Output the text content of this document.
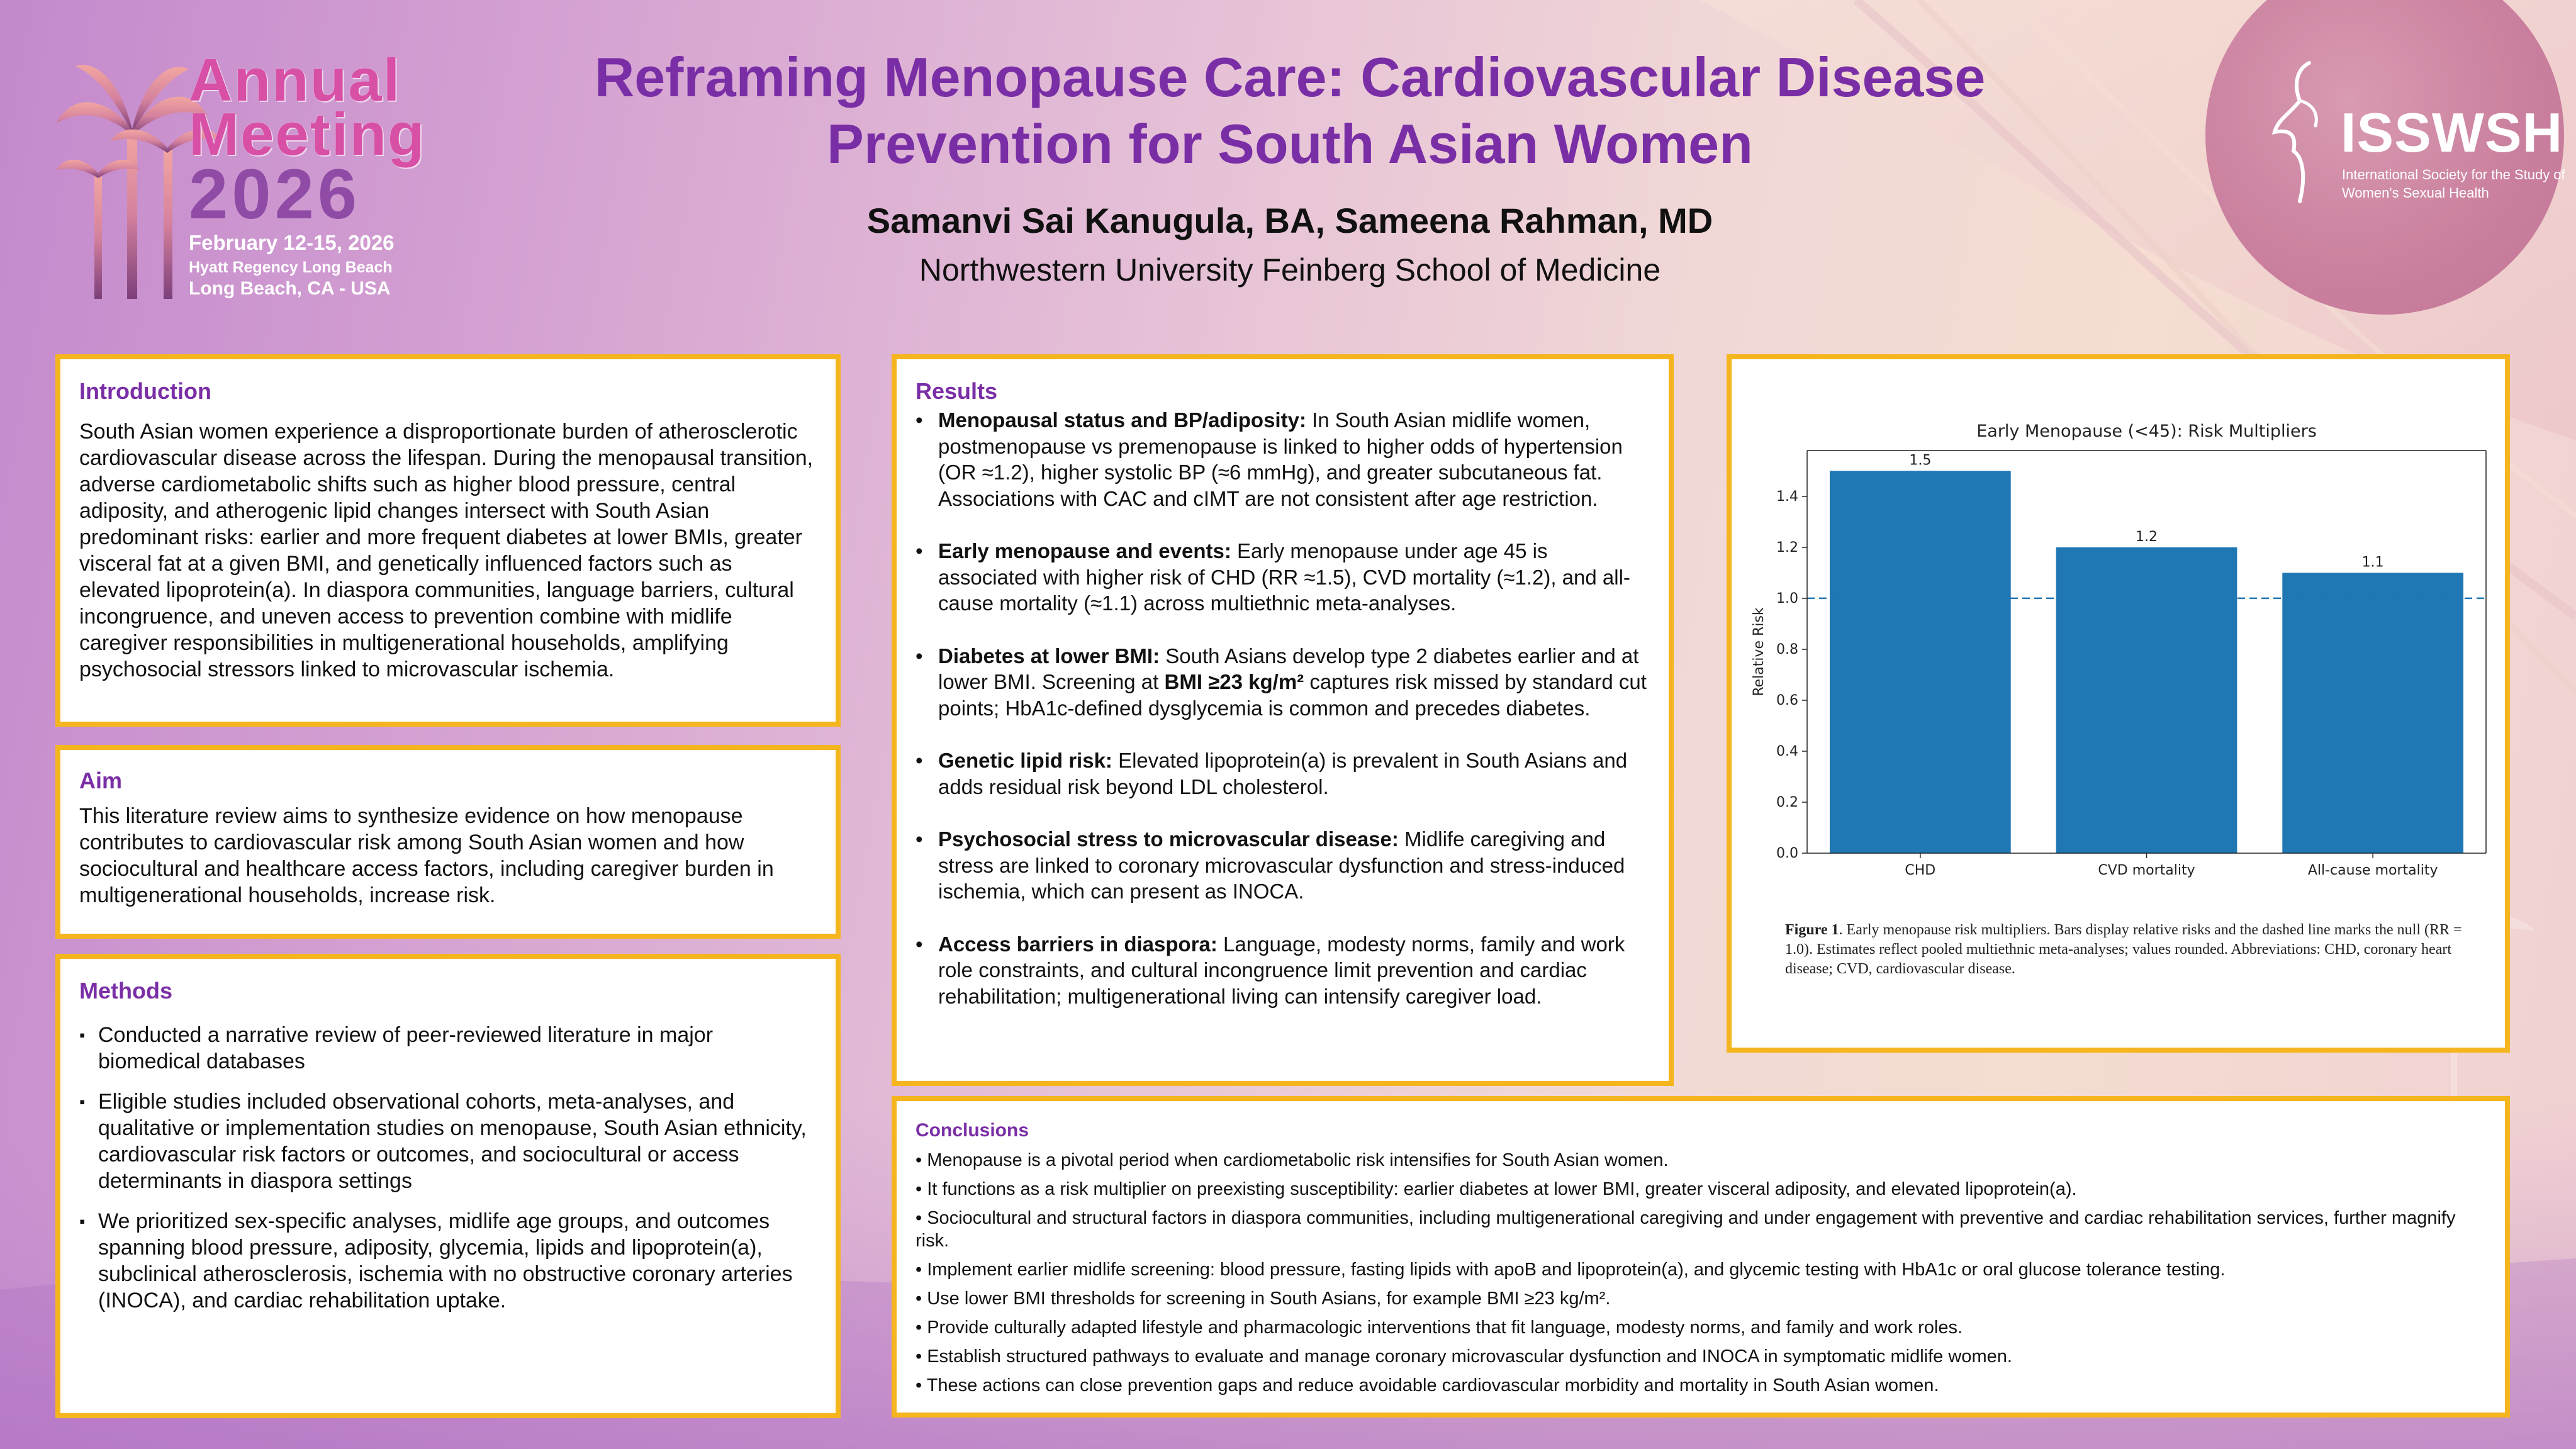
Annual
Meeting
2026
February 12-15, 2026
Hyatt Regency Long Beach
Long Beach, CA - USA
Reframing Menopause Care: Cardiovascular Disease Prevention for South Asian Women
Samanvi Sai Kanugula, BA, Sameena Rahman, MD
Northwestern University Feinberg School of Medicine
ISSWSH
International Society for the Study of Women's Sexual Health
Introduction

South Asian women experience a disproportionate burden of atherosclerotic cardiovascular disease across the lifespan. During the menopausal transition, adverse cardiometabolic shifts such as higher blood pressure, central adiposity, and atherogenic lipid changes intersect with South Asian predominant risks: earlier and more frequent diabetes at lower BMIs, greater visceral fat at a given BMI, and genetically influenced factors such as elevated lipoprotein(a). In diaspora communities, language barriers, cultural incongruence, and uneven access to prevention combine with midlife caregiver responsibilities in multigenerational households, amplifying psychosocial stressors linked to microvascular ischemia.

Aim

This literature review aims to synthesize evidence on how menopause contributes to cardiovascular risk among South Asian women and how sociocultural and healthcare access factors, including caregiver burden in multigenerational households, increase risk.

Methods
▪ Conducted a narrative review of peer-reviewed literature in major biomedical databases
▪ Eligible studies included observational cohorts, meta-analyses, and qualitative or implementation studies on menopause, South Asian ethnicity, cardiovascular risk factors or outcomes, and sociocultural or access determinants in diaspora settings
▪ We prioritized sex-specific analyses, midlife age groups, and outcomes spanning blood pressure, adiposity, glycemia, lipids and lipoprotein(a), subclinical atherosclerosis, ischemia with no obstructive coronary arteries (INOCA), and cardiac rehabilitation uptake.
Results
• Menopausal status and BP/adiposity: In South Asian midlife women, postmenopause vs premenopause is linked to higher odds of hypertension (OR ≈1.2), higher systolic BP (≈6 mmHg), and greater subcutaneous fat. Associations with CAC and cIMT are not consistent after age restriction.
• Early menopause and events: Early menopause under age 45 is associated with higher risk of CHD (RR ≈1.5), CVD mortality (≈1.2), and all-cause mortality (≈1.1) across multiethnic meta-analyses.
• Diabetes at lower BMI: South Asians develop type 2 diabetes earlier and at lower BMI. Screening at BMI ≥23 kg/m² captures risk missed by standard cut points; HbA1c-defined dysglycemia is common and precedes diabetes.
• Genetic lipid risk: Elevated lipoprotein(a) is prevalent in South Asians and adds residual risk beyond LDL cholesterol.
• Psychosocial stress to microvascular disease: Midlife caregiving and stress are linked to coronary microvascular dysfunction and stress-induced ischemia, which can present as INOCA.
• Access barriers in diaspora: Language, modesty norms, family and work role constraints, and cultural incongruence limit prevention and cardiac rehabilitation; multigenerational living can intensify caregiver load.
Early Menopause (<45): Risk Multipliers
1.5
CHD
1.2
CVD mortality
1.1
All-cause mortality
0.0
0.2
0.4
0.6
0.8
1.0
1.2
1.4
Relative Risk
Figure 1. Early menopause risk multipliers. Bars display relative risks and the dashed line marks the null (RR = 1.0). Estimates reflect pooled multiethnic meta-analyses; values rounded. Abbreviations: CHD, coronary heart disease; CVD, cardiovascular disease.
Conclusions
• Menopause is a pivotal period when cardiometabolic risk intensifies for South Asian women.
• It functions as a risk multiplier on preexisting susceptibility: earlier diabetes at lower BMI, greater visceral adiposity, and elevated lipoprotein(a).
• Sociocultural and structural factors in diaspora communities, including multigenerational caregiving and under engagement with preventive and cardiac rehabilitation services, further magnify risk.
• Implement earlier midlife screening: blood pressure, fasting lipids with apoB and lipoprotein(a), and glycemic testing with HbA1c or oral glucose tolerance testing.
• Use lower BMI thresholds for screening in South Asians, for example BMI ≥23 kg/m².
• Provide culturally adapted lifestyle and pharmacologic interventions that fit language, modesty norms, and family and work roles.
• Establish structured pathways to evaluate and manage coronary microvascular dysfunction and INOCA in symptomatic midlife women.
• These actions can close prevention gaps and reduce avoidable cardiovascular morbidity and mortality in South Asian women.
